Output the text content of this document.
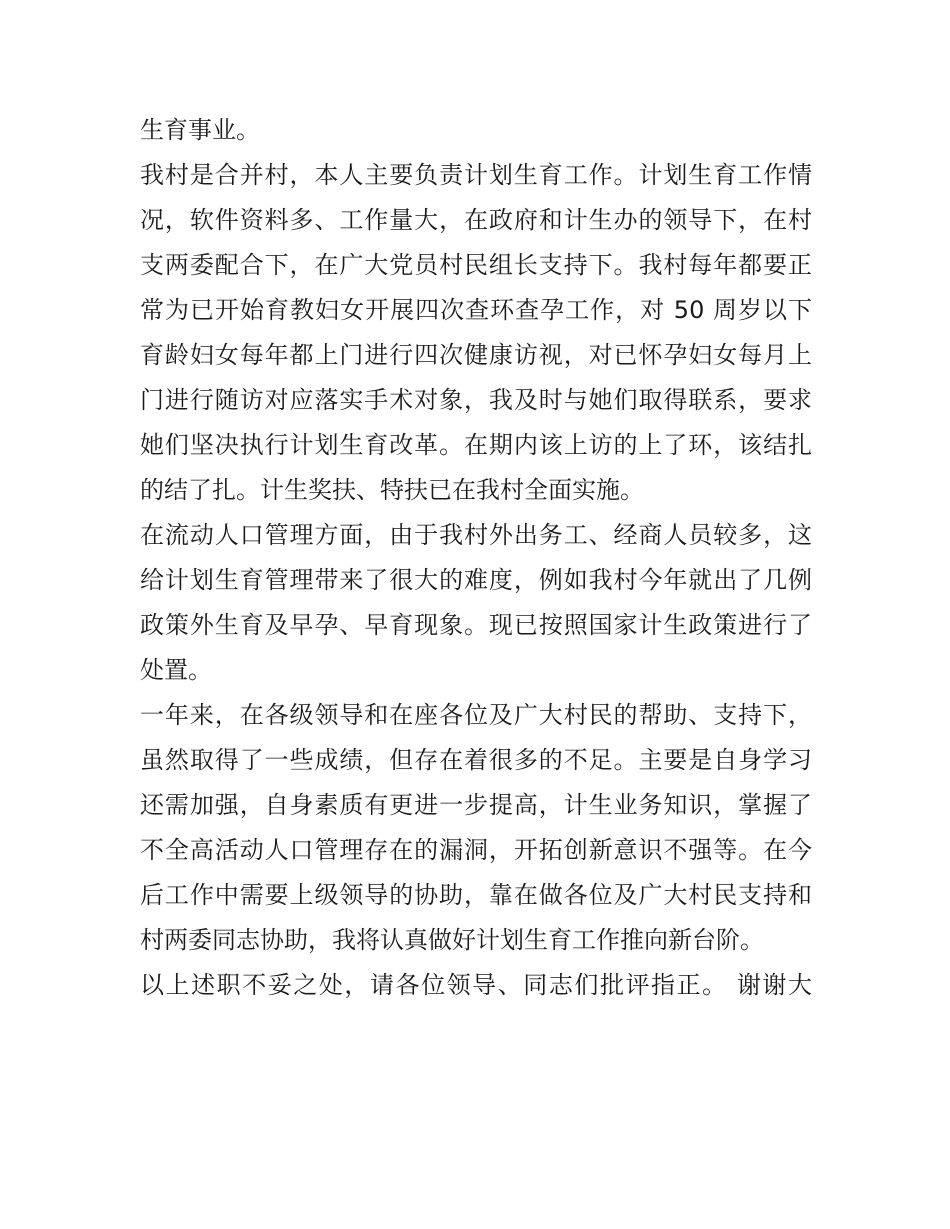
生育事业。
我村是合并村，本人主要负责计划生育工作。计划生育工作情
况，软件资料多、工作量大，在政府和计生办的领导下，在村
支两委配合下，在广大党员村民组长支持下。我村每年都要正
常为已开始育教妇女开展四次查环查孕工作，对 50 周岁以下
育龄妇女每年都上门进行四次健康访视，对已怀孕妇女每月上
门进行随访对应落实手术对象，我及时与她们取得联系，要求
她们坚决执行计划生育改革。在期内该上访的上了环，该结扎
的结了扎。计生奖扶、特扶已在我村全面实施。
在流动人口管理方面，由于我村外出务工、经商人员较多，这
给计划生育管理带来了很大的难度，例如我村今年就出了几例
政策外生育及早孕、早育现象。现已按照国家计生政策进行了
处置。
一年来，在各级领导和在座各位及广大村民的帮助、支持下，
虽然取得了一些成绩，但存在着很多的不足。主要是自身学习
还需加强，自身素质有更进一步提高，计生业务知识，掌握了
不全高活动人口管理存在的漏洞，开拓创新意识不强等。在今
后工作中需要上级领导的协助，靠在做各位及广大村民支持和
村两委同志协助，我将认真做好计划生育工作推向新台阶。
以上述职不妥之处，请各位领导、同志们批评指正。 谢谢大
